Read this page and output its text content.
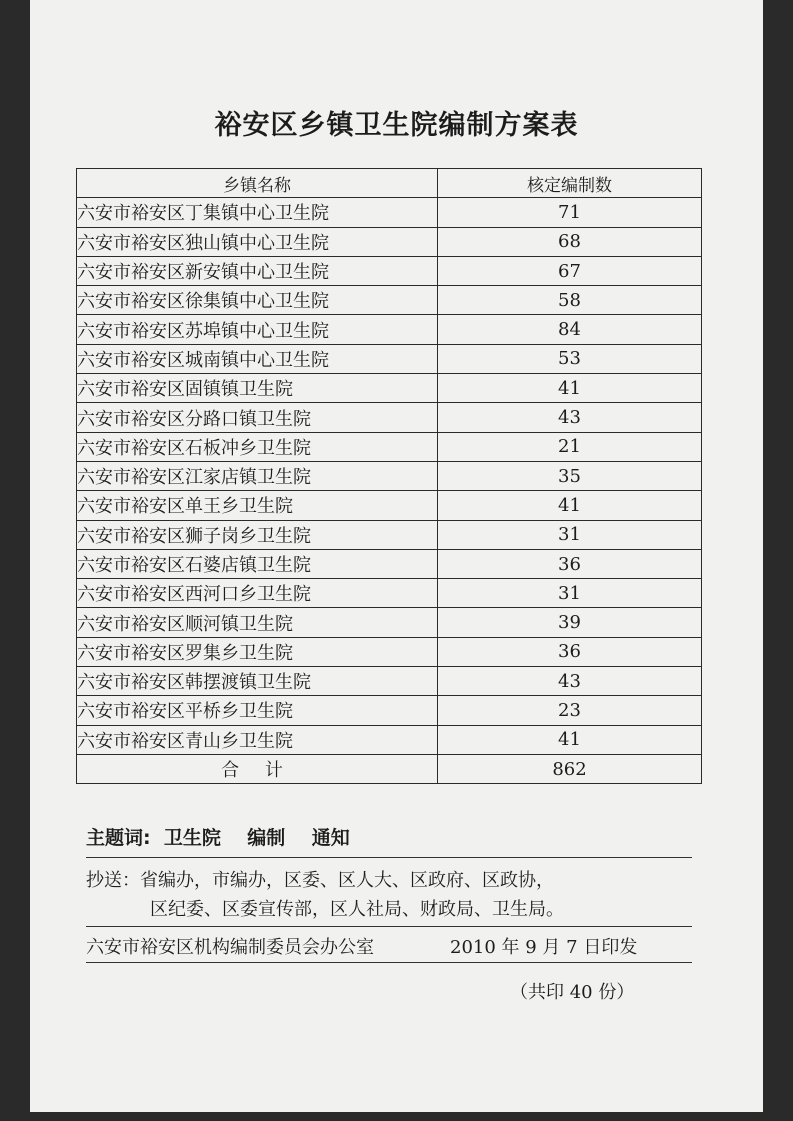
裕安区乡镇卫生院编制方案表
乡镇名称	核定编制数
六安市裕安区丁集镇中心卫生院	71
六安市裕安区独山镇中心卫生院	68
六安市裕安区新安镇中心卫生院	67
六安市裕安区徐集镇中心卫生院	58
六安市裕安区苏埠镇中心卫生院	84
六安市裕安区城南镇中心卫生院	53
六安市裕安区固镇镇卫生院	41
六安市裕安区分路口镇卫生院	43
六安市裕安区石板冲乡卫生院	21
六安市裕安区江家店镇卫生院	35
六安市裕安区单王乡卫生院	41
六安市裕安区狮子岗乡卫生院	31
六安市裕安区石婆店镇卫生院	36
六安市裕安区西河口乡卫生院	31
六安市裕安区顺河镇卫生院	39
六安市裕安区罗集乡卫生院	36
六安市裕安区韩摆渡镇卫生院	43
六安市裕安区平桥乡卫生院	23
六安市裕安区青山乡卫生院	41
合 计	862
主题词:  卫生院    编制    通知
抄送：省编办，市编办，区委、区人大、区政府、区政协，
区纪委、区委宣传部，区人社局、财政局、卫生局。
六安市裕安区机构编制委员会办公室	2010 年 9 月 7 日印发
（共印 40 份）
